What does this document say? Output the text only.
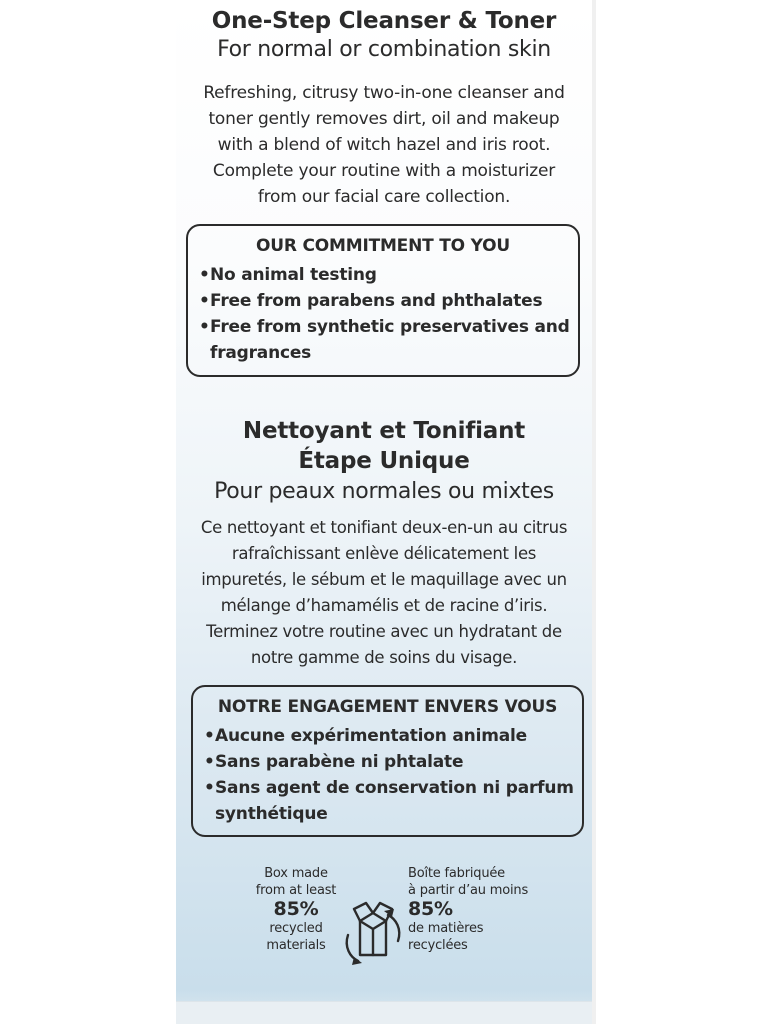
One-Step Cleanser & Toner
For normal or combination skin
Refreshing, citrusy two-in-one cleanser and toner gently removes dirt, oil and makeup with a blend of witch hazel and iris root. Complete your routine with a moisturizer from our facial care collection.
OUR COMMITMENT TO YOU
• No animal testing
• Free from parabens and phthalates
• Free from synthetic preservatives and fragrances
Nettoyant et Tonifiant
Étape Unique
Pour peaux normales ou mixtes
Ce nettoyant et tonifiant deux-en-un au citrus rafraîchissant enlève délicatement les impuretés, le sébum et le maquillage avec un mélange d’hamamélis et de racine d’iris. Terminez votre routine avec un hydratant de notre gamme de soins du visage.
NOTRE ENGAGEMENT ENVERS VOUS
• Aucune expérimentation animale
• Sans parabène ni phtalate
• Sans agent de conservation ni parfum synthétique
Box made
from at least
85%
recycled
materials
Boîte fabriquée
à partir d’au moins
85%
de matières
recyclées
